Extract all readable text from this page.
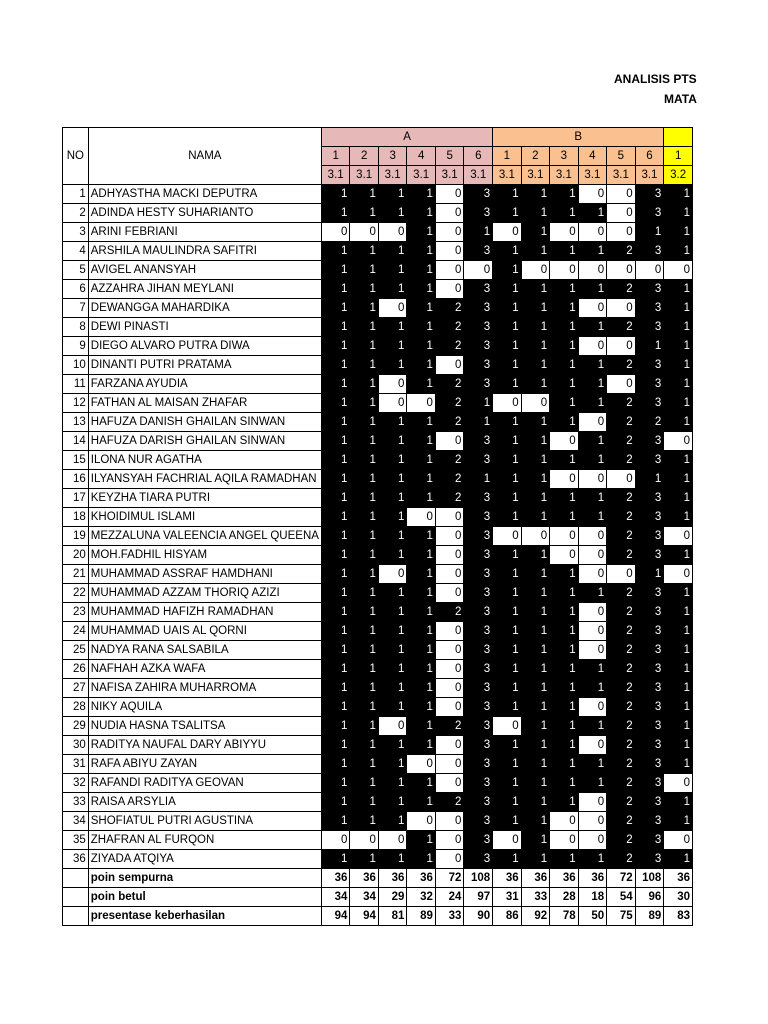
ANALISIS PTS
MATA
NO	NAMA	A						B						
		1	2	3	4	5	6	1	2	3	4	5	6	1
		3.1	3.1	3.1	3.1	3.1	3.1	3.1	3.1	3.1	3.1	3.1	3.1	3.2
1	ADHYASTHA MACKI DEPUTRA	1	1	1	1	0	3	1	1	1	0	0	3	1
2	ADINDA HESTY SUHARIANTO	1	1	1	1	0	3	1	1	1	1	0	3	1
3	ARINI FEBRIANI	0	0	0	1	0	1	0	1	0	0	0	1	1
4	ARSHILA MAULINDRA SAFITRI	1	1	1	1	0	3	1	1	1	1	2	3	1
5	AVIGEL ANANSYAH	1	1	1	1	0	0	1	0	0	0	0	0	0
6	AZZAHRA JIHAN MEYLANI	1	1	1	1	0	3	1	1	1	1	2	3	1
7	DEWANGGA MAHARDIKA	1	1	0	1	2	3	1	1	1	0	0	3	1
8	DEWI PINASTI	1	1	1	1	2	3	1	1	1	1	2	3	1
9	DIEGO ALVARO PUTRA DIWA	1	1	1	1	2	3	1	1	1	0	0	1	1
10	DINANTI PUTRI PRATAMA	1	1	1	1	0	3	1	1	1	1	2	3	1
11	FARZANA AYUDIA	1	1	0	1	2	3	1	1	1	1	0	3	1
12	FATHAN AL MAISAN ZHAFAR	1	1	0	0	2	1	0	0	1	1	2	3	1
13	HAFUZA DANISH GHAILAN SINWAN	1	1	1	1	2	1	1	1	1	0	2	2	1
14	HAFUZA DARISH GHAILAN SINWAN	1	1	1	1	0	3	1	1	0	1	2	3	0
15	ILONA NUR AGATHA	1	1	1	1	2	3	1	1	1	1	2	3	1
16	ILYANSYAH FACHRIAL AQILA RAMADHAN	1	1	1	1	2	1	1	1	0	0	0	1	1
17	KEYZHA TIARA PUTRI	1	1	1	1	2	3	1	1	1	1	2	3	1
18	KHOIDIMUL ISLAMI	1	1	1	0	0	3	1	1	1	1	2	3	1
19	MEZZALUNA VALEENCIA ANGEL QUEENA	1	1	1	1	0	3	0	0	0	0	2	3	0
20	MOH.FADHIL HISYAM	1	1	1	1	0	3	1	1	0	0	2	3	1
21	MUHAMMAD ASSRAF HAMDHANI	1	1	0	1	0	3	1	1	1	0	0	1	0
22	MUHAMMAD AZZAM THORIQ AZIZI	1	1	1	1	0	3	1	1	1	1	2	3	1
23	MUHAMMAD HAFIZH RAMADHAN	1	1	1	1	2	3	1	1	1	0	2	3	1
24	MUHAMMAD UAIS AL QORNI	1	1	1	1	0	3	1	1	1	0	2	3	1
25	NADYA RANA SALSABILA	1	1	1	1	0	3	1	1	1	0	2	3	1
26	NAFHAH AZKA WAFA	1	1	1	1	0	3	1	1	1	1	2	3	1
27	NAFISA ZAHIRA MUHARROMA	1	1	1	1	0	3	1	1	1	1	2	3	1
28	NIKY AQUILA	1	1	1	1	0	3	1	1	1	0	2	3	1
29	NUDIA HASNA TSALITSA	1	1	0	1	2	3	0	1	1	1	2	3	1
30	RADITYA NAUFAL DARY ABIYYU	1	1	1	1	0	3	1	1	1	0	2	3	1
31	RAFA ABIYU ZAYAN	1	1	1	0	0	3	1	1	1	1	2	3	1
32	RAFANDI RADITYA GEOVAN	1	1	1	1	0	3	1	1	1	1	2	3	0
33	RAISA ARSYLIA	1	1	1	1	2	3	1	1	1	0	2	3	1
34	SHOFIATUL PUTRI AGUSTINA	1	1	1	0	0	3	1	1	0	0	2	3	1
35	ZHAFRAN AL FURQON	0	0	0	1	0	3	0	1	0	0	2	3	0
36	ZIYADA ATQIYA	1	1	1	1	0	3	1	1	1	1	2	3	1
	poin sempurna	36	36	36	36	72	108	36	36	36	36	72	108	36
	poin betul	34	34	29	32	24	97	31	33	28	18	54	96	30
	presentase keberhasilan	94	94	81	89	33	90	86	92	78	50	75	89	83
